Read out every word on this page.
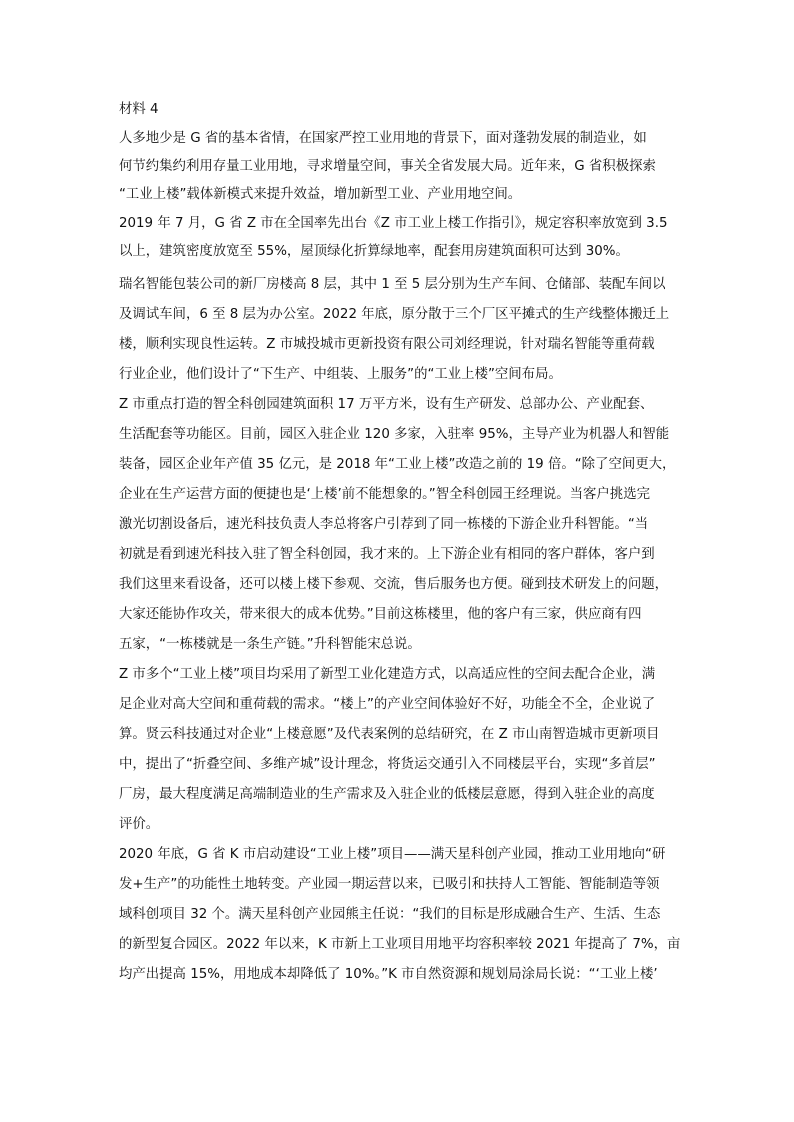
材料 4
人多地少是 G 省的基本省情，在国家严控工业用地的背景下，面对蓬勃发展的制造业，如
何节约集约利用存量工业用地，寻求增量空间，事关全省发展大局。近年来，G 省积极探索
“工业上楼”载体新模式来提升效益，增加新型工业、产业用地空间。
2019 年 7 月，G 省 Z 市在全国率先出台《Z 市工业上楼工作指引》，规定容积率放宽到 3.5
以上，建筑密度放宽至 55%，屋顶绿化折算绿地率，配套用房建筑面积可达到 30%。
瑞名智能包装公司的新厂房楼高 8 层，其中 1 至 5 层分别为生产车间、仓储部、装配车间以
及调试车间，6 至 8 层为办公室。2022 年底，原分散于三个厂区平摊式的生产线整体搬迁上
楼，顺利实现良性运转。Z 市城投城市更新投资有限公司刘经理说，针对瑞名智能等重荷载
行业企业，他们设计了“下生产、中组装、上服务”的“工业上楼”空间布局。
Z 市重点打造的智全科创园建筑面积 17 万平方米，设有生产研发、总部办公、产业配套、
生活配套等功能区。目前，园区入驻企业 120 多家，入驻率 95%，主导产业为机器人和智能
装备，园区企业年产值 35 亿元，是 2018 年“工业上楼”改造之前的 19 倍。“除了空间更大，
企业在生产运营方面的便捷也是‘上楼’前不能想象的。”智全科创园王经理说。当客户挑选完
激光切割设备后，速光科技负责人李总将客户引荐到了同一栋楼的下游企业升科智能。“当
初就是看到速光科技入驻了智全科创园，我才来的。上下游企业有相同的客户群体，客户到
我们这里来看设备，还可以楼上楼下参观、交流，售后服务也方便。碰到技术研发上的问题，
大家还能协作攻关，带来很大的成本优势。”目前这栋楼里，他的客户有三家，供应商有四
五家，“一栋楼就是一条生产链。”升科智能宋总说。
Z 市多个“工业上楼”项目均采用了新型工业化建造方式，以高适应性的空间去配合企业，满
足企业对高大空间和重荷载的需求。“楼上”的产业空间体验好不好，功能全不全，企业说了
算。贤云科技通过对企业“上楼意愿”及代表案例的总结研究，在 Z 市山南智造城市更新项目
中，提出了“折叠空间、多维产城”设计理念，将货运交通引入不同楼层平台，实现“多首层”
厂房，最大程度满足高端制造业的生产需求及入驻企业的低楼层意愿，得到入驻企业的高度
评价。
2020 年底，G 省 K 市启动建设“工业上楼”项目——满天星科创产业园，推动工业用地向“研
发+生产”的功能性土地转变。产业园一期运营以来，已吸引和扶持人工智能、智能制造等领
域科创项目 32 个。满天星科创产业园熊主任说：“我们的目标是形成融合生产、生活、生态
的新型复合园区。2022 年以来，K 市新上工业项目用地平均容积率较 2021 年提高了 7%，亩
均产出提高 15%，用地成本却降低了 10%。”K 市自然资源和规划局涂局长说：“‘工业上楼’
